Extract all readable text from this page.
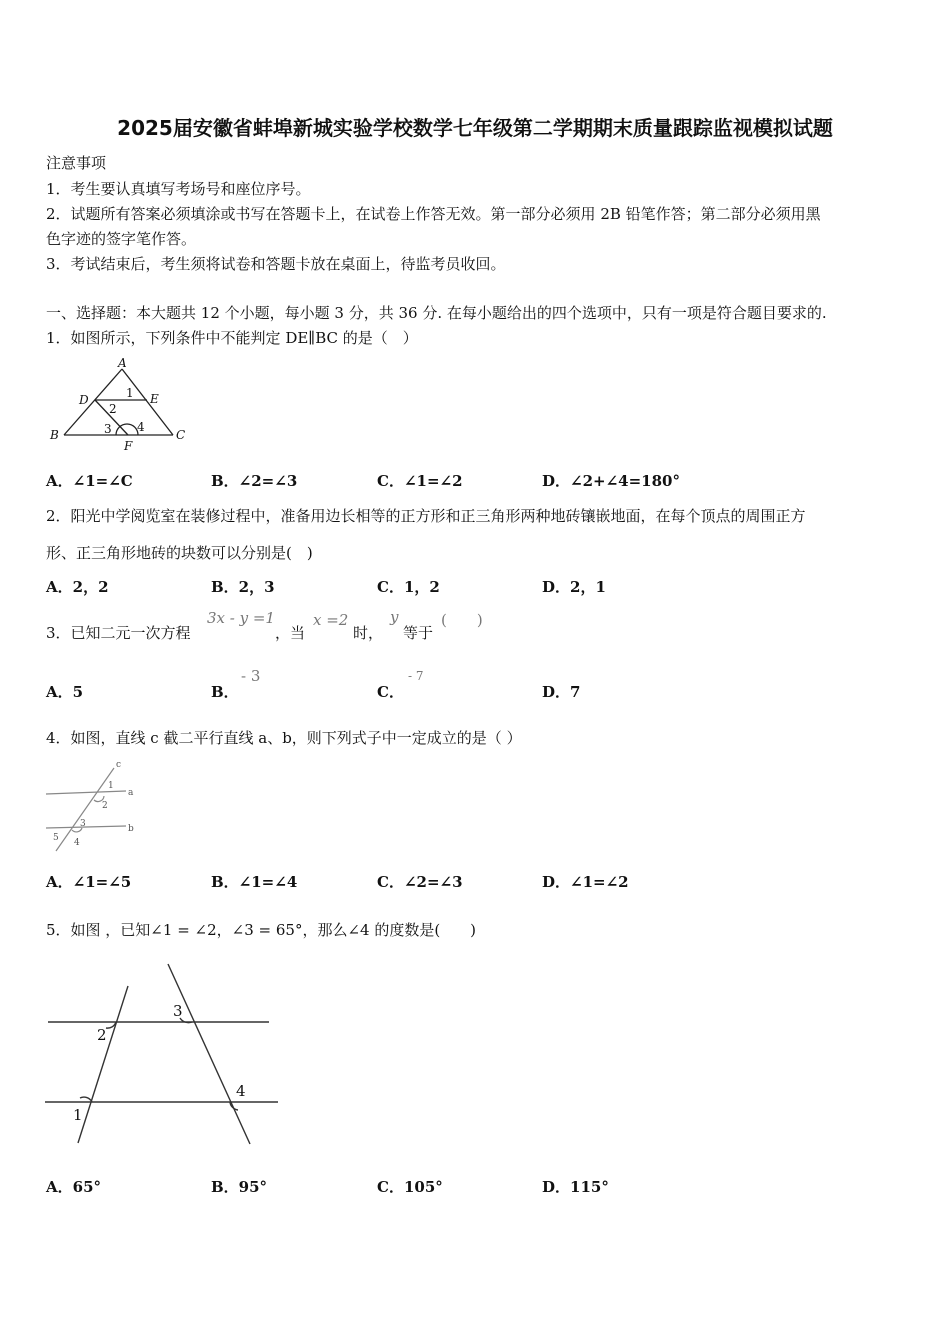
2025届安徽省蚌埠新城实验学校数学七年级第二学期期末质量跟踪监视模拟试题
注意事项
1．考生要认真填写考场号和座位序号。
2．试题所有答案必须填涂或书写在答题卡上，在试卷上作答无效。第一部分必须用 2B 铅笔作答；第二部分必须用黑
色字迹的签字笔作答。
3．考试结束后，考生须将试卷和答题卡放在桌面上，待监考员收回。
一、选择题：本大题共 12 个小题，每小题 3 分，共 36 分. 在每小题给出的四个选项中，只有一项是符合题目要求的.
1．如图所示，下列条件中不能判定 DE∥BC 的是（　）
A
D	E
1
2
B	3 4
C
F
A．∠1=∠C	B．∠2=∠3	C．∠1=∠2	D．∠2+∠4=180°
2．阳光中学阅览室在装修过程中，准备用边长相等的正方形和正三角形两种地砖镶嵌地面，在每个顶点的周围正方
形、正三角形地砖的块数可以分别是(　)
A．2，2	B．2，3	C．1，2	D．2，1
3．已知二元一次方程
3x - y =1
，当
x =2
时，
y
等于
(　　)
A．5	B．
- 3
C．
- 7
D．7
4．如图，直线 c 截二平行直线 a、b，则下列式子中一定成立的是（ ）
c
1
2
a
5
3
4
b
A．∠1=∠5	B．∠1=∠4	C．∠2=∠3	D．∠1=∠2
5．如图 ，已知∠1 = ∠2，∠3 = 65°，那么∠4 的度数是(　　)
2
3
4
1
A．65°	B．95°	C．105°	D．115°
